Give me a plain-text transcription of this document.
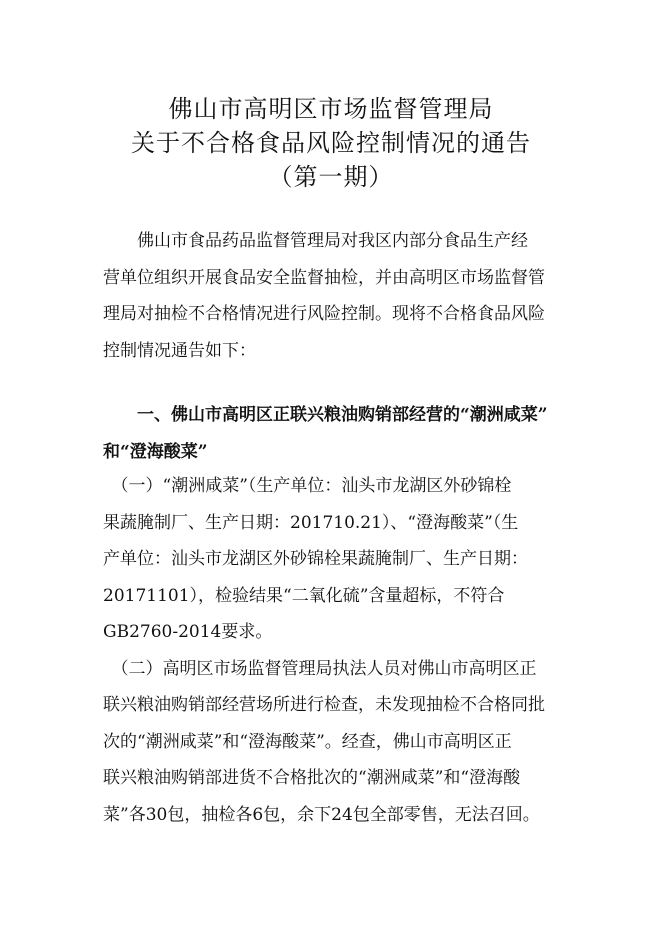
佛山市高明区市场监督管理局
关于不合格食品风险控制情况的通告
（第一期）
　　佛山市食品药品监督管理局对我区内部分食品生产经
营单位组织开展食品安全监督抽检，并由高明区市场监督管
理局对抽检不合格情况进行风险控制。现将不合格食品风险
控制情况通告如下：
　　一、佛山市高明区正联兴粮油购销部经营的“潮洲咸菜”
和“澄海酸菜”
　（一）“潮洲咸菜”（生产单位：汕头市龙湖区外砂锦栓
果蔬腌制厂、生产日期：201710.21）、“澄海酸菜”（生
产单位：汕头市龙湖区外砂锦栓果蔬腌制厂、生产日期：
20171101），检验结果“二氧化硫”含量超标，不符合
GB2760-2014要求。
　（二）高明区市场监督管理局执法人员对佛山市高明区正
联兴粮油购销部经营场所进行检查，未发现抽检不合格同批
次的“潮洲咸菜”和“澄海酸菜”。经查，佛山市高明区正
联兴粮油购销部进货不合格批次的“潮洲咸菜”和“澄海酸
菜”各30包，抽检各6包，余下24包全部零售，无法召回。
